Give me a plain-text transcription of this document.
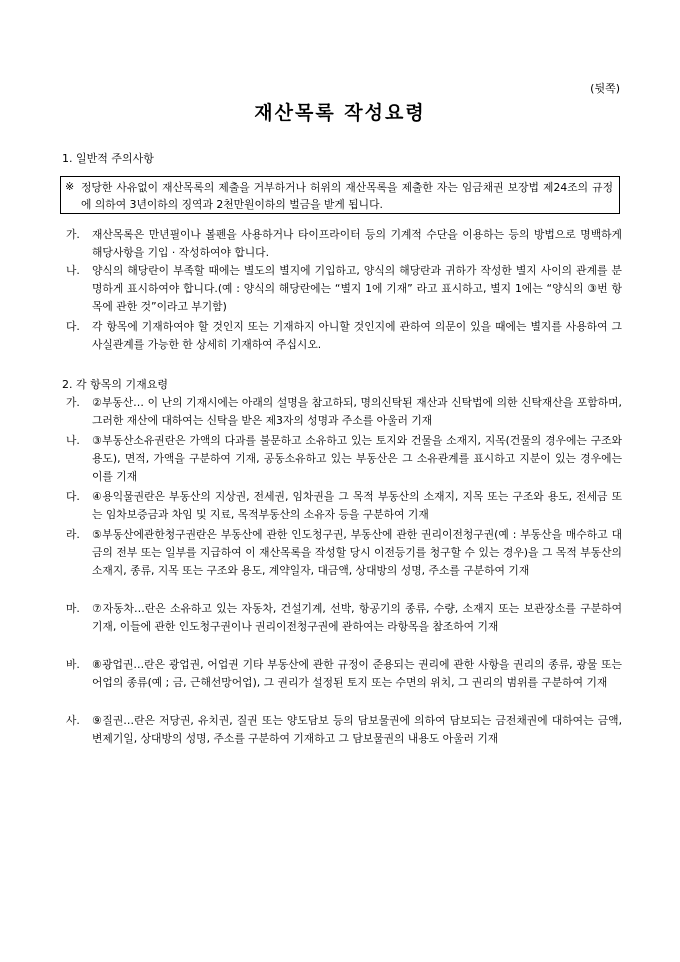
(뒷쪽)
재산목록 작성요령
1. 일반적 주의사항
※ 정당한 사유없이 재산목록의 제출을 거부하거나 허위의 재산목록을 제출한 자는 임금채권 보장법 제24조의 규정에 의하여 3년이하의 징역과 2천만원이하의 벌금을 받게 됩니다.
가. 재산목록은 만년필이나 볼펜을 사용하거나 타이프라이터 등의 기계적 수단을 이용하는 등의 방법으로 명백하게 해당사항을 기입 · 작성하여야 합니다.
나. 양식의 해당란이 부족할 때에는 별도의 별지에 기입하고, 양식의 해당란과 귀하가 작성한 별지 사이의 관계를 분명하게 표시하여야 합니다.(예 : 양식의 해당란에는 “별지 1에 기재” 라고 표시하고, 별지 1에는 “양식의 ③번 항목에 관한 것”이라고 부기함)
다. 각 항목에 기재하여야 할 것인지 또는 기재하지 아니할 것인지에 관하여 의문이 있을 때에는 별지를 사용하여 그 사실관계를 가능한 한 상세히 기재하여 주십시오.
2. 각 항목의 기재요령
가. ②부동산… 이 난의 기재시에는 아래의 설명을 참고하되, 명의신탁된 재산과 신탁법에 의한 신탁재산을 포함하며, 그러한 재산에 대하여는 신탁을 받은 제3자의 성명과 주소를 아울러 기재
나. ③부동산소유권란은 가액의 다과를 불문하고 소유하고 있는 토지와 건물을 소재지, 지목(건물의 경우에는 구조와 용도), 면적, 가액을 구분하여 기재, 공동소유하고 있는 부동산은 그 소유관계를 표시하고 지분이 있는 경우에는 이를 기재
다. ④용익물권란은 부동산의 지상권, 전세권, 임차권을 그 목적 부동산의 소재지, 지목 또는 구조와 용도, 전세금 또는 임차보증금과 차임 및 지료, 목적부동산의 소유자 등을 구분하여 기재
라. ⑤부동산에관한청구권란은 부동산에 관한 인도청구권, 부동산에 관한 권리이전청구권(예 : 부동산을 매수하고 대금의 전부 또는 일부를 지급하여 이 재산목록을 작성할 당시 이전등기를 청구할 수 있는 경우)을 그 목적 부동산의 소재지, 종류, 지목 또는 구조와 용도, 계약일자, 대금액, 상대방의 성명, 주소를 구분하여 기재
마. ⑦자동차…란은 소유하고 있는 자동차, 건설기계, 선박, 항공기의 종류, 수량, 소재지 또는 보관장소를 구분하여 기재, 이들에 관한 인도청구권이나 권리이전청구권에 관하여는 라항목을 참조하여 기재
바. ⑧광업권…란은 광업권, 어업권 기타 부동산에 관한 규정이 준용되는 권리에 관한 사항을 권리의 종류, 광물 또는 어업의 종류(예 ; 금, 근해선망어업), 그 권리가 설정된 토지 또는 수면의 위치, 그 권리의 범위를 구분하여 기재
사. ⑨질권…란은 저당권, 유치권, 질권 또는 양도담보 등의 담보물권에 의하여 담보되는 금전채권에 대하여는 금액, 변제기일, 상대방의 성명, 주소를 구분하여 기재하고 그 담보물권의 내용도 아울러 기재
